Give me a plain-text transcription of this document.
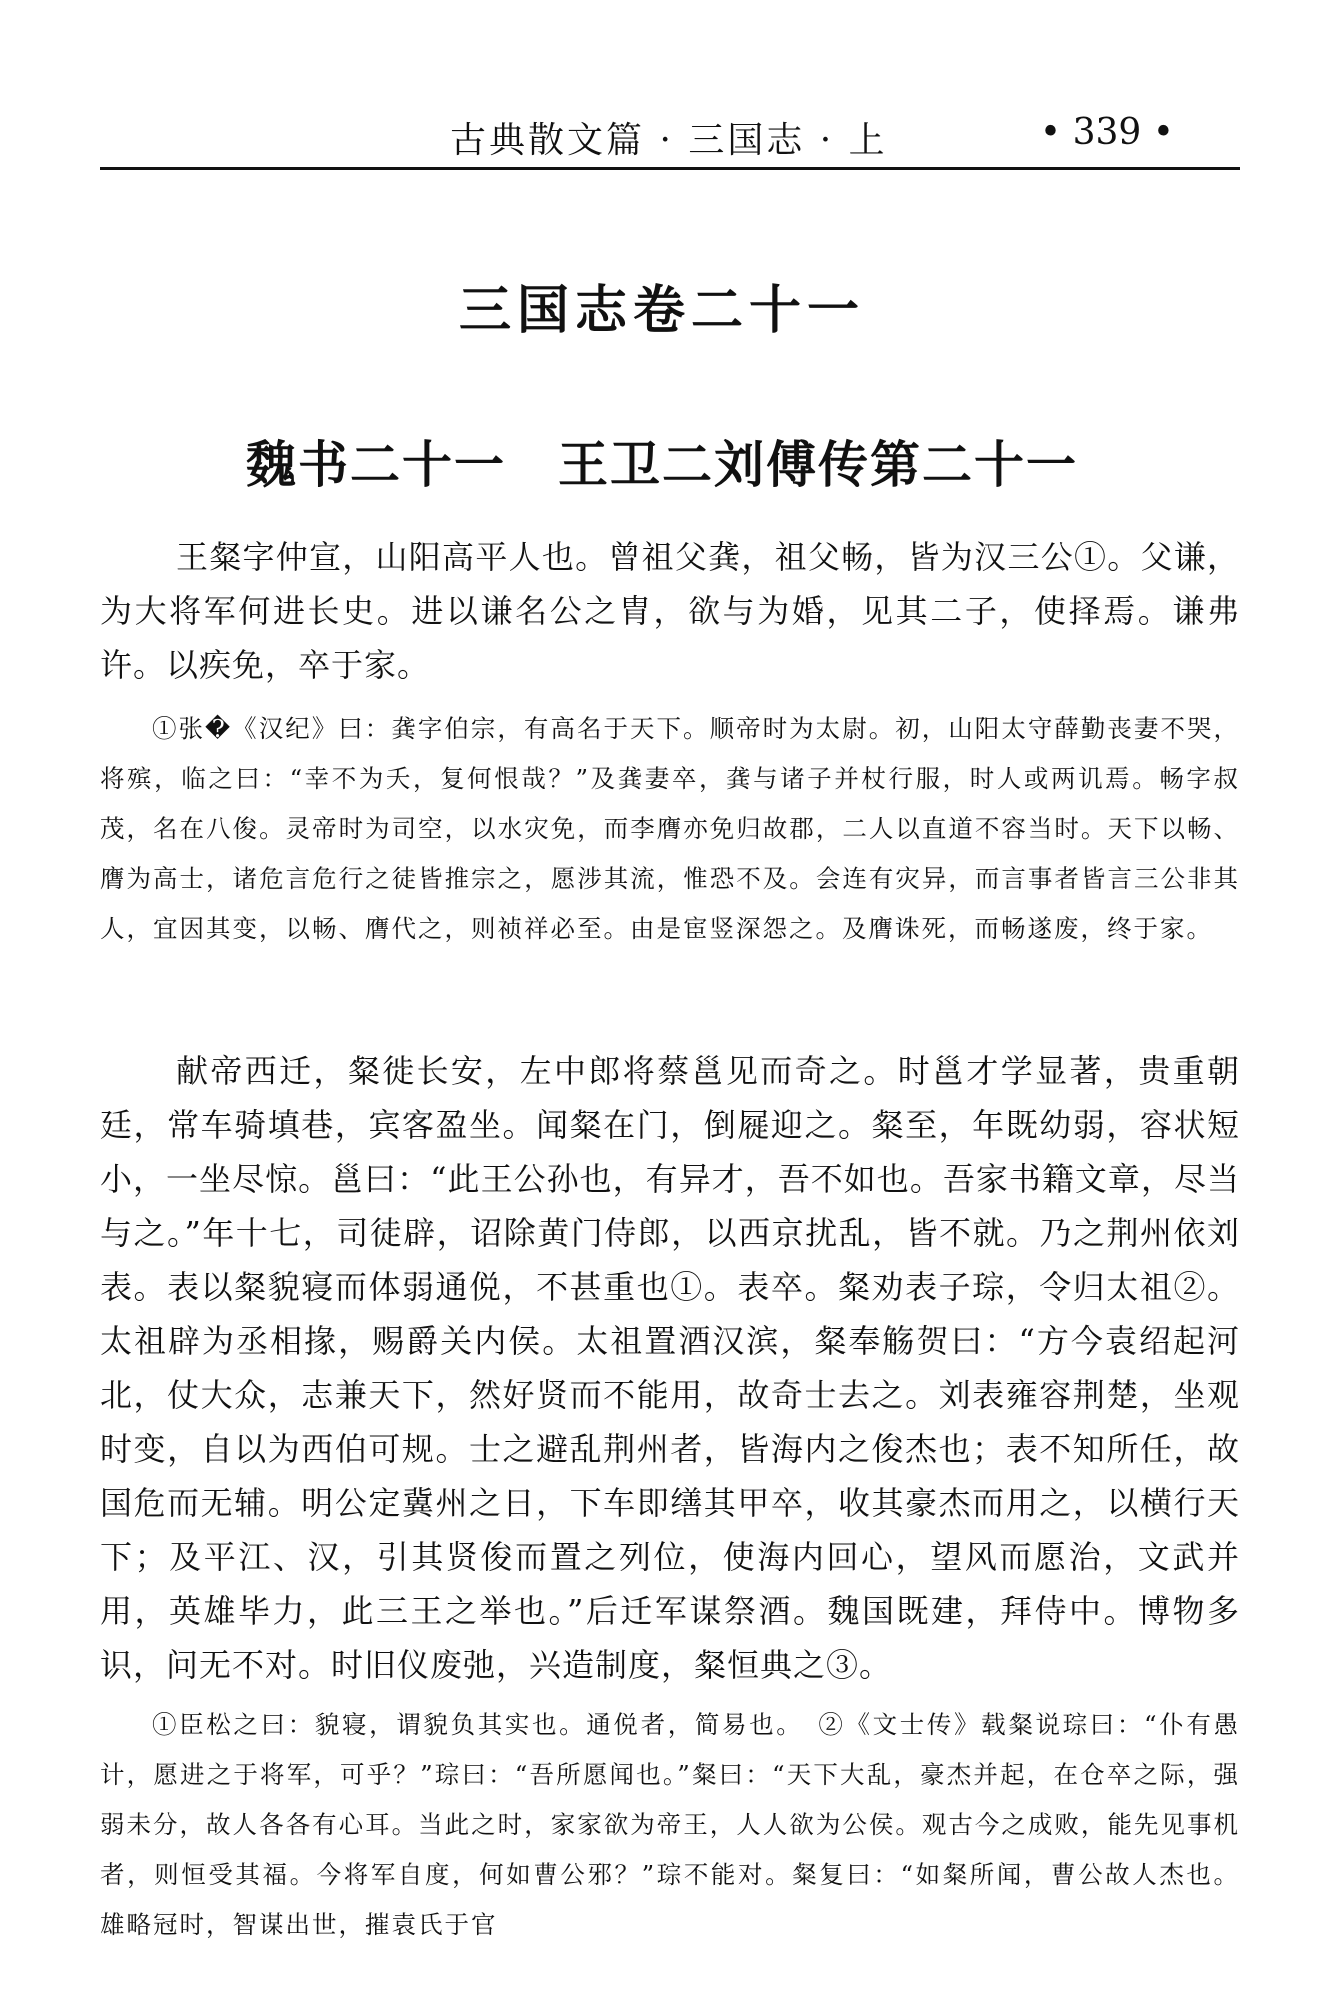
古典散文篇 · 三国志 · 上	• 339 •
三国志卷二十一
魏书二十一　王卫二刘傅传第二十一

王粲字仲宣，山阳高平人也。曾祖父龚，祖父畅，皆为汉三公①。父谦，为大将军何进长史。进以谦名公之胄，欲与为婚，见其二子，使择焉。谦弗许。以疾免，卒于家。

①张�《汉纪》曰：龚字伯宗，有高名于天下。顺帝时为太尉。初，山阳太守薛勤丧妻不哭，将殡，临之曰：“幸不为夭，复何恨哉？”及龚妻卒，龚与诸子并杖行服，时人或两讥焉。畅字叔茂，名在八俊。灵帝时为司空，以水灾免，而李膺亦免归故郡，二人以直道不容当时。天下以畅、膺为高士，诸危言危行之徒皆推宗之，愿涉其流，惟恐不及。会连有灾异，而言事者皆言三公非其人，宜因其变，以畅、膺代之，则祯祥必至。由是宦竖深怨之。及膺诛死，而畅遂废，终于家。

献帝西迁，粲徙长安，左中郎将蔡邕见而奇之。时邕才学显著，贵重朝廷，常车骑填巷，宾客盈坐。闻粲在门，倒屣迎之。粲至，年既幼弱，容状短小，一坐尽惊。邕曰：“此王公孙也，有异才，吾不如也。吾家书籍文章，尽当与之。”年十七，司徒辟，诏除黄门侍郎，以西京扰乱，皆不就。乃之荆州依刘表。表以粲貌寝而体弱通侻，不甚重也①。表卒。粲劝表子琮，令归太祖②。太祖辟为丞相掾，赐爵关内侯。太祖置酒汉滨，粲奉觞贺曰：“方今袁绍起河北，仗大众，志兼天下，然好贤而不能用，故奇士去之。刘表雍容荆楚，坐观时变，自以为西伯可规。士之避乱荆州者，皆海内之俊杰也；表不知所任，故国危而无辅。明公定冀州之日，下车即缮其甲卒，收其豪杰而用之，以横行天下；及平江、汉，引其贤俊而置之列位，使海内回心，望风而愿治，文武并用，英雄毕力，此三王之举也。”后迁军谋祭酒。魏国既建，拜侍中。博物多识，问无不对。时旧仪废弛，兴造制度，粲恒典之③。

①臣松之曰：貌寝，谓貌负其实也。通侻者，简易也。　②《文士传》载粲说琮曰：“仆有愚计，愿进之于将军，可乎？”琮曰：“吾所愿闻也。”粲曰：“天下大乱，豪杰并起，在仓卒之际，强弱未分，故人各各有心耳。当此之时，家家欲为帝王，人人欲为公侯。观古今之成败，能先见事机者，则恒受其福。今将军自度，何如曹公邪？”琮不能对。粲复曰：“如粲所闻，曹公故人杰也。雄略冠时，智谋出世，摧袁氏于官
